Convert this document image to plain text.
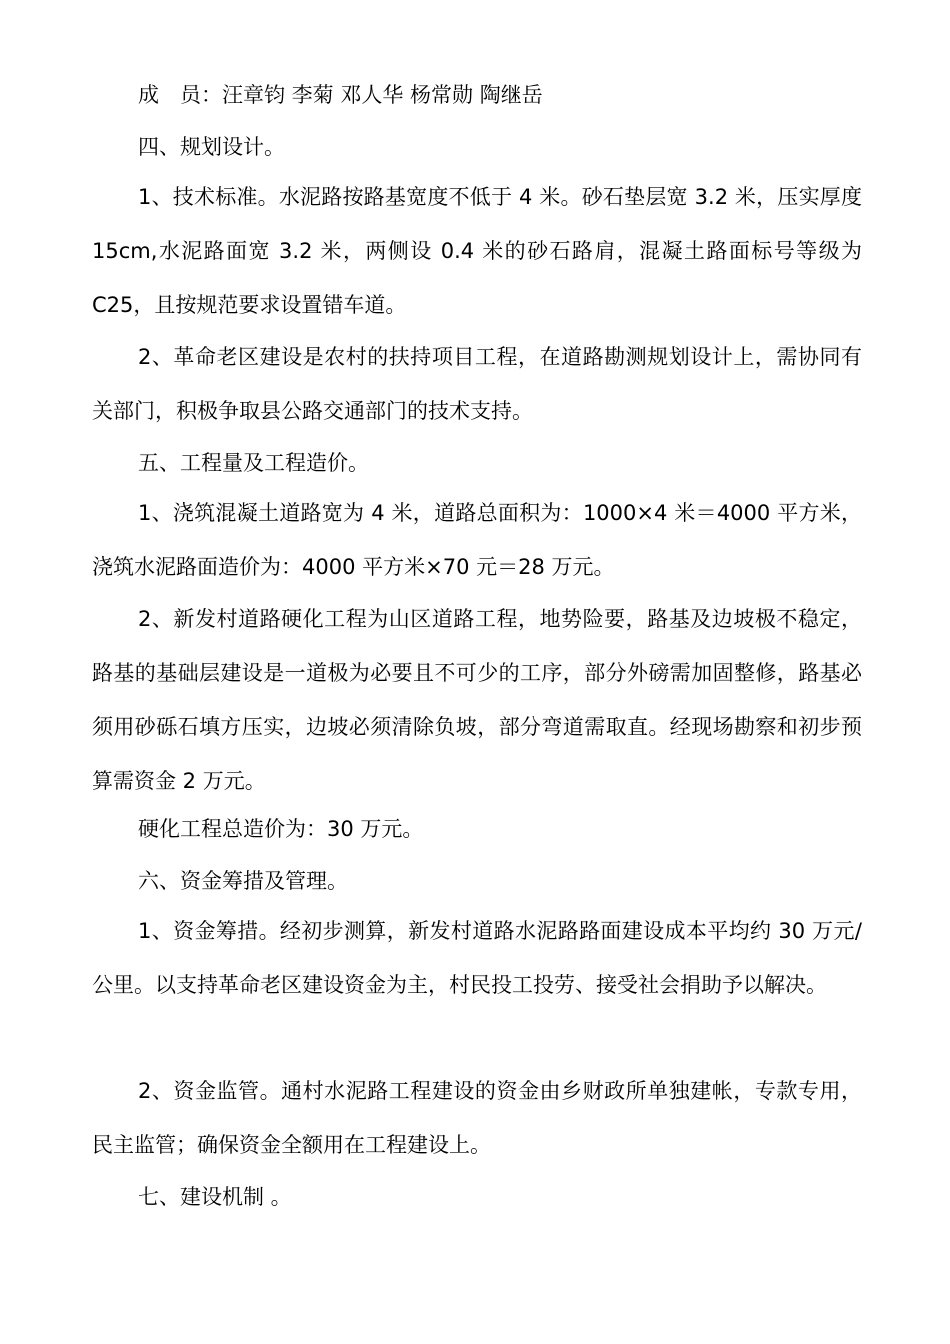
成　员：汪章钧 李菊 邓人华 杨常勋 陶继岳

四、规划设计。

1、技术标准。水泥路按路基宽度不低于 4 米。砂石垫层宽 3.2 米，压实厚度 15cm,水泥路面宽 3.2 米，两侧设 0.4 米的砂石路肩，混凝土路面标号等级为 C25，且按规范要求设置错车道。

2、革命老区建设是农村的扶持项目工程，在道路勘测规划设计上，需协同有关部门，积极争取县公路交通部门的技术支持。

五、工程量及工程造价。

1、浇筑混凝土道路宽为 4 米，道路总面积为：1000×4 米＝4000 平方米，浇筑水泥路面造价为：4000 平方米×70 元＝28 万元。

2、新发村道路硬化工程为山区道路工程，地势险要，路基及边坡极不稳定，路基的基础层建设是一道极为必要且不可少的工序，部分外磅需加固整修，路基必须用砂砾石填方压实，边坡必须清除负坡，部分弯道需取直。经现场勘察和初步预算需资金 2 万元。

硬化工程总造价为：30 万元。

六、资金筹措及管理。

1、资金筹措。经初步测算，新发村道路水泥路路面建设成本平均约 30 万元/公里。以支持革命老区建设资金为主，村民投工投劳、接受社会捐助予以解决。

2、资金监管。通村水泥路工程建设的资金由乡财政所单独建帐，专款专用，民主监管；确保资金全额用在工程建设上。

七、建设机制 。
